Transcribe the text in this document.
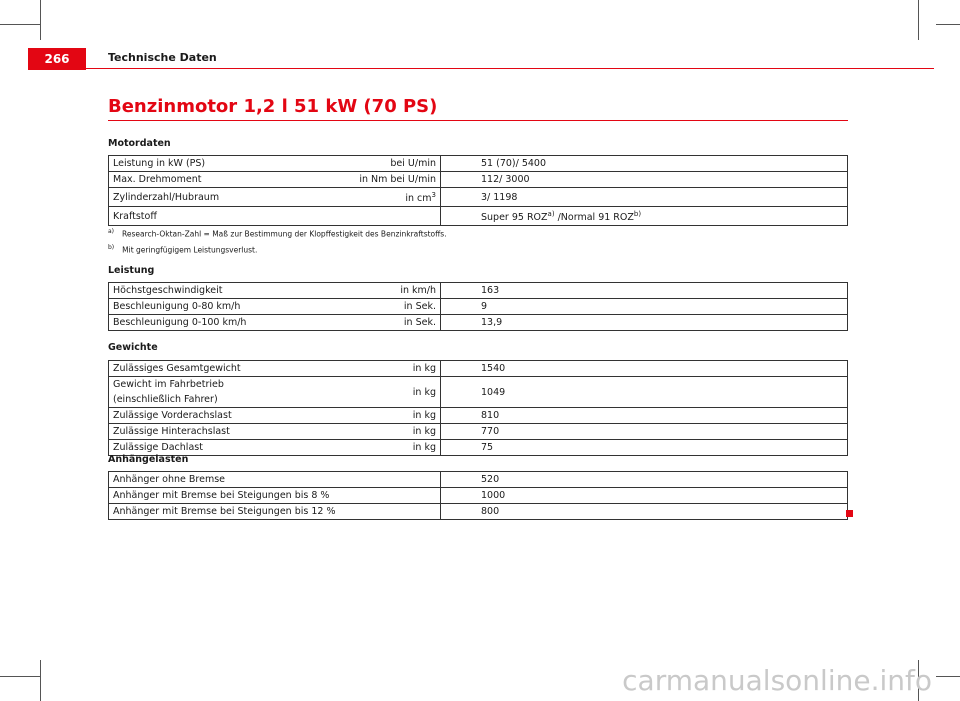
266	Technische Daten
Benzinmotor 1,2 l 51 kW (70 PS)
Motordaten
Leistung in kW (PS)	bei U/min	51 (70)/ 5400
Max. Drehmoment	in Nm bei U/min	112/ 3000
Zylinderzahl/Hubraum	in $cm^3$	3/ 1198
Kraftstoff		Super 95 ROZ$^{a)}$ /Normal 91 ROZ$^{b)}$
$^{a)}$ Research-Oktan-Zahl = Maß zur Bestimmung der Klopffestigkeit des Benzinkraftstoffs.
$^{b)}$ Mit geringfügigem Leistungsverlust.
Leistung
Höchstgeschwindigkeit	in km/h	163
Beschleunigung 0-80 km/h	in Sek.	9
Beschleunigung 0-100 km/h	in Sek.	13,9
Gewichte
Zulässiges Gesamtgewicht	in kg	1540
Gewicht im Fahrbetrieb (einschließlich Fahrer)	in kg	1049
Zulässige Vorderachslast	in kg	810
Zulässige Hinterachslast	in kg	770
Zulässige Dachlast	in kg	75
Anhängelasten
Anhänger ohne Bremse	520
Anhänger mit Bremse bei Steigungen bis 8 %	1000
Anhänger mit Bremse bei Steigungen bis 12 %	800
carmanualsonline.info
